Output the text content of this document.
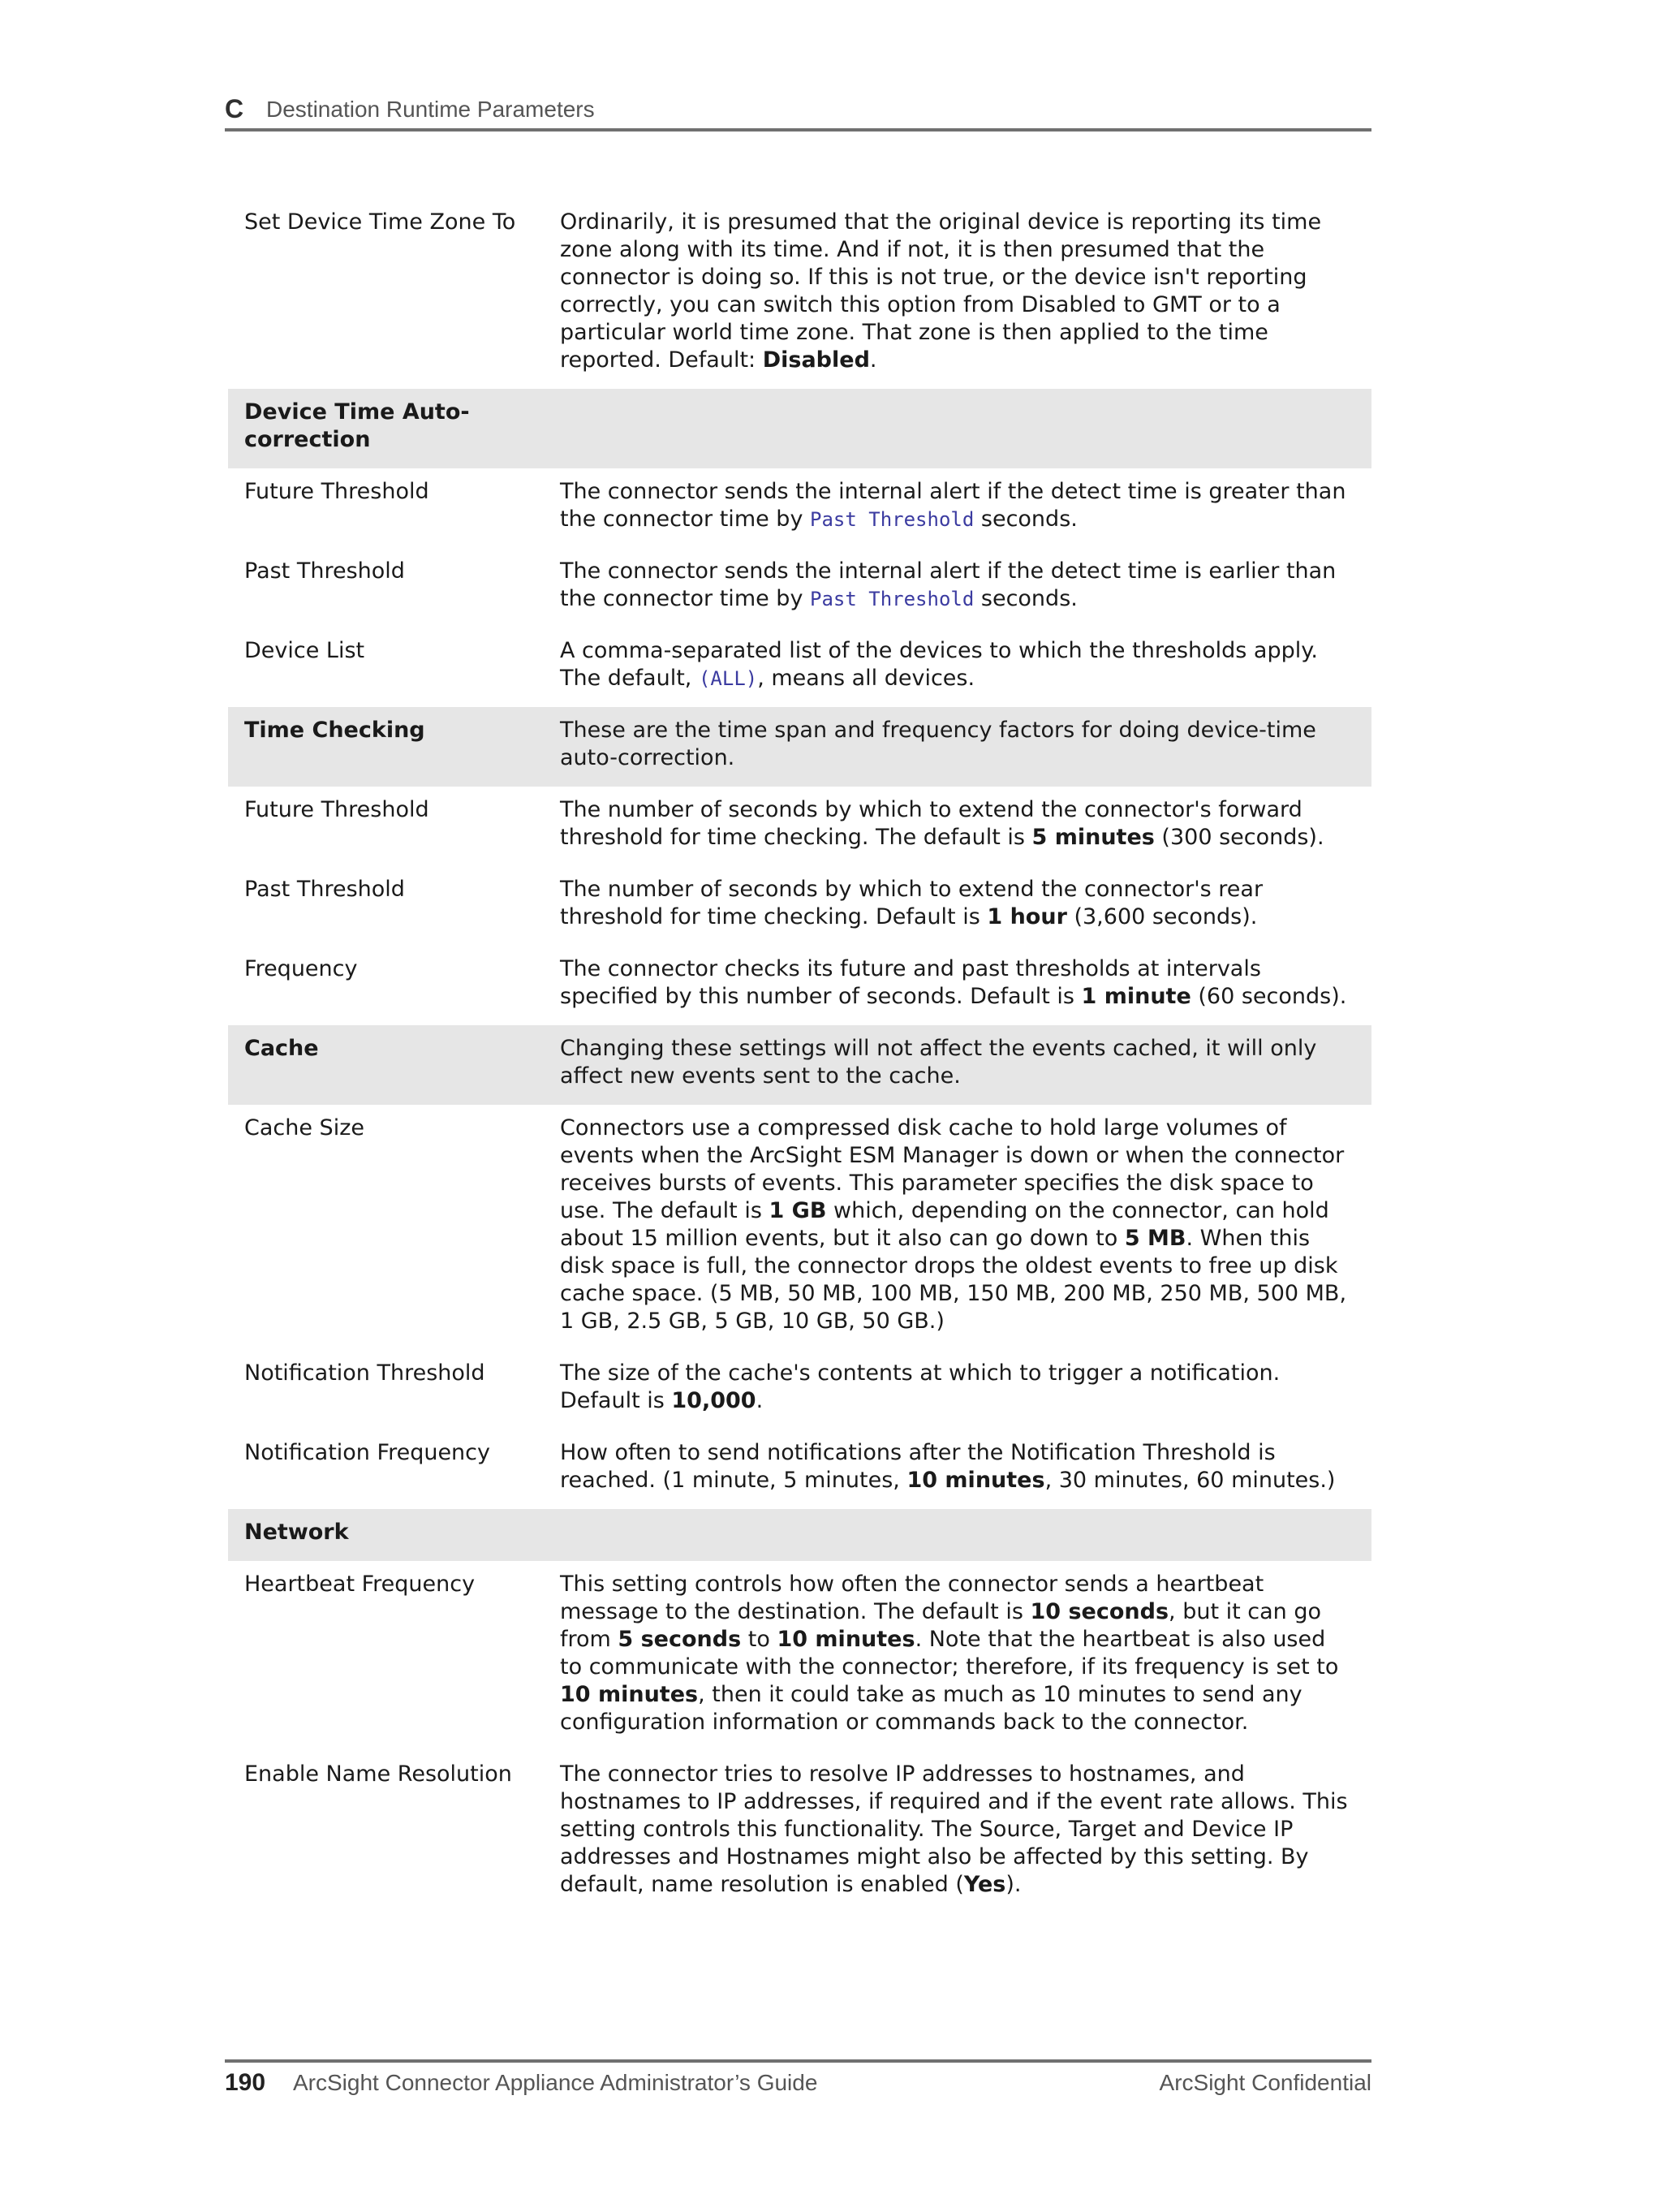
C Destination Runtime Parameters
Set Device Time Zone To	Ordinarily, it is presumed that the original device is reporting its time zone along with its time. And if not, it is then presumed that the connector is doing so. If this is not true, or the device isn't reporting correctly, you can switch this option from Disabled to GMT or to a particular world time zone. That zone is then applied to the time reported. Default: Disabled.
Device Time Auto-correction
Future Threshold	The connector sends the internal alert if the detect time is greater than the connector time by Past Threshold seconds.
Past Threshold	The connector sends the internal alert if the detect time is earlier than the connector time by Past Threshold seconds.
Device List	A comma-separated list of the devices to which the thresholds apply. The default, (ALL), means all devices.
Time Checking	These are the time span and frequency factors for doing device-time auto-correction.
Future Threshold	The number of seconds by which to extend the connector's forward threshold for time checking. The default is 5 minutes (300 seconds).
Past Threshold	The number of seconds by which to extend the connector's rear threshold for time checking. Default is 1 hour (3,600 seconds).
Frequency	The connector checks its future and past thresholds at intervals specified by this number of seconds. Default is 1 minute (60 seconds).
Cache	Changing these settings will not affect the events cached, it will only affect new events sent to the cache.
Cache Size	Connectors use a compressed disk cache to hold large volumes of events when the ArcSight ESM Manager is down or when the connector receives bursts of events. This parameter specifies the disk space to use. The default is 1 GB which, depending on the connector, can hold about 15 million events, but it also can go down to 5 MB. When this disk space is full, the connector drops the oldest events to free up disk cache space. (5 MB, 50 MB, 100 MB, 150 MB, 200 MB, 250 MB, 500 MB, 1 GB, 2.5 GB, 5 GB, 10 GB, 50 GB.)
Notification Threshold	The size of the cache's contents at which to trigger a notification. Default is 10,000.
Notification Frequency	How often to send notifications after the Notification Threshold is reached. (1 minute, 5 minutes, 10 minutes, 30 minutes, 60 minutes.)
Network
Heartbeat Frequency	This setting controls how often the connector sends a heartbeat message to the destination. The default is 10 seconds, but it can go from 5 seconds to 10 minutes. Note that the heartbeat is also used to communicate with the connector; therefore, if its frequency is set to 10 minutes, then it could take as much as 10 minutes to send any configuration information or commands back to the connector.
Enable Name Resolution	The connector tries to resolve IP addresses to hostnames, and hostnames to IP addresses, if required and if the event rate allows. This setting controls this functionality. The Source, Target and Device IP addresses and Hostnames might also be affected by this setting. By default, name resolution is enabled (Yes).
190 ArcSight Connector Appliance Administrator’s Guide	ArcSight Confidential
